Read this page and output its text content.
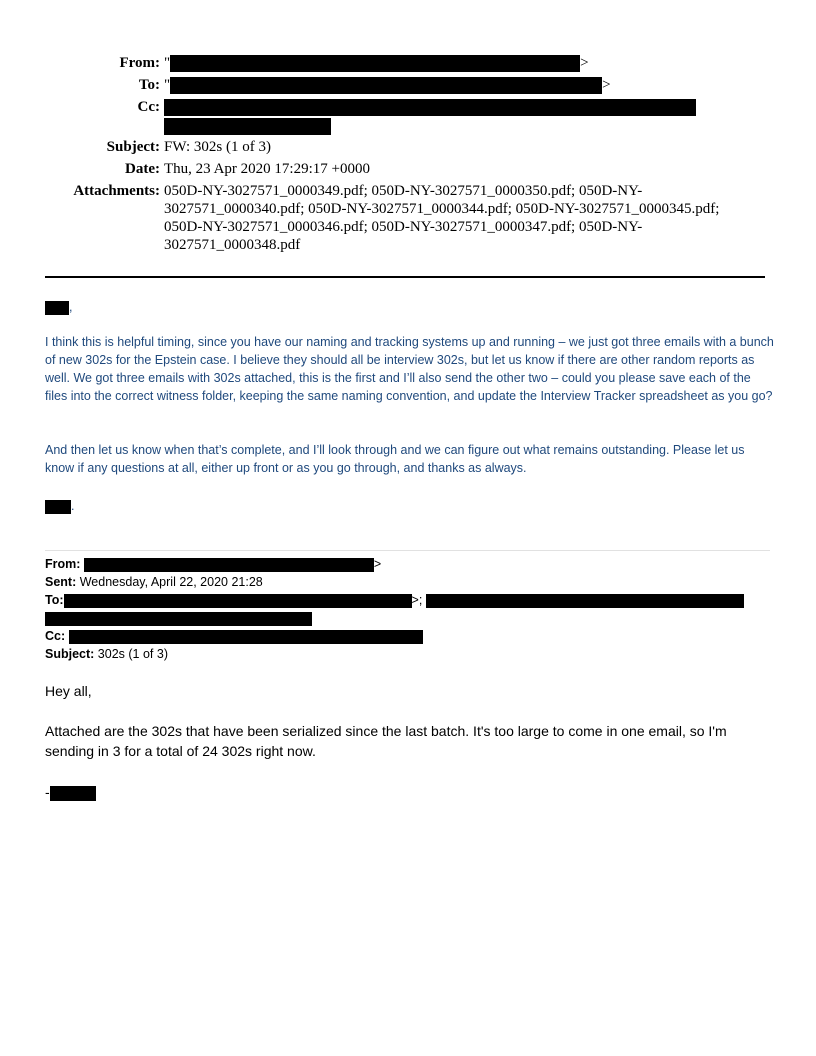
From: "	>
To: "	>
Cc:
Subject: FW: 302s (1 of 3)
Date: Thu, 23 Apr 2020 17:29:17 +0000
Attachments: 050D-NY-3027571_0000349.pdf; 050D-NY-3027571_0000350.pdf; 050D-NY-
3027571_0000340.pdf; 050D-NY-3027571_0000344.pdf; 050D-NY-3027571_0000345.pdf;
050D-NY-3027571_0000346.pdf; 050D-NY-3027571_0000347.pdf; 050D-NY-
3027571_0000348.pdf
,
I think this is helpful timing, since you have our naming and tracking systems up and running – we just got three emails with a bunch of new 302s for the Epstein case. I believe they should all be interview 302s, but let us know if there are other random reports as well. We got three emails with 302s attached, this is the first and I’ll also send the other two – could you please save each of the files into the correct witness folder, keeping the same naming convention, and update the Interview Tracker spreadsheet as you go?
And then let us know when that’s complete, and I’ll look through and we can figure out what remains outstanding. Please let us know if any questions at all, either up front or as you go through, and thanks as always.
.
From:	>
Sent: Wednesday, April 22, 2020 21:28
To:	>;
Cc:
Subject: 302s (1 of 3)
Hey all,
Attached are the 302s that have been serialized since the last batch. It's too large to come in one email, so I'm sending in 3 for a total of 24 302s right now.
-
